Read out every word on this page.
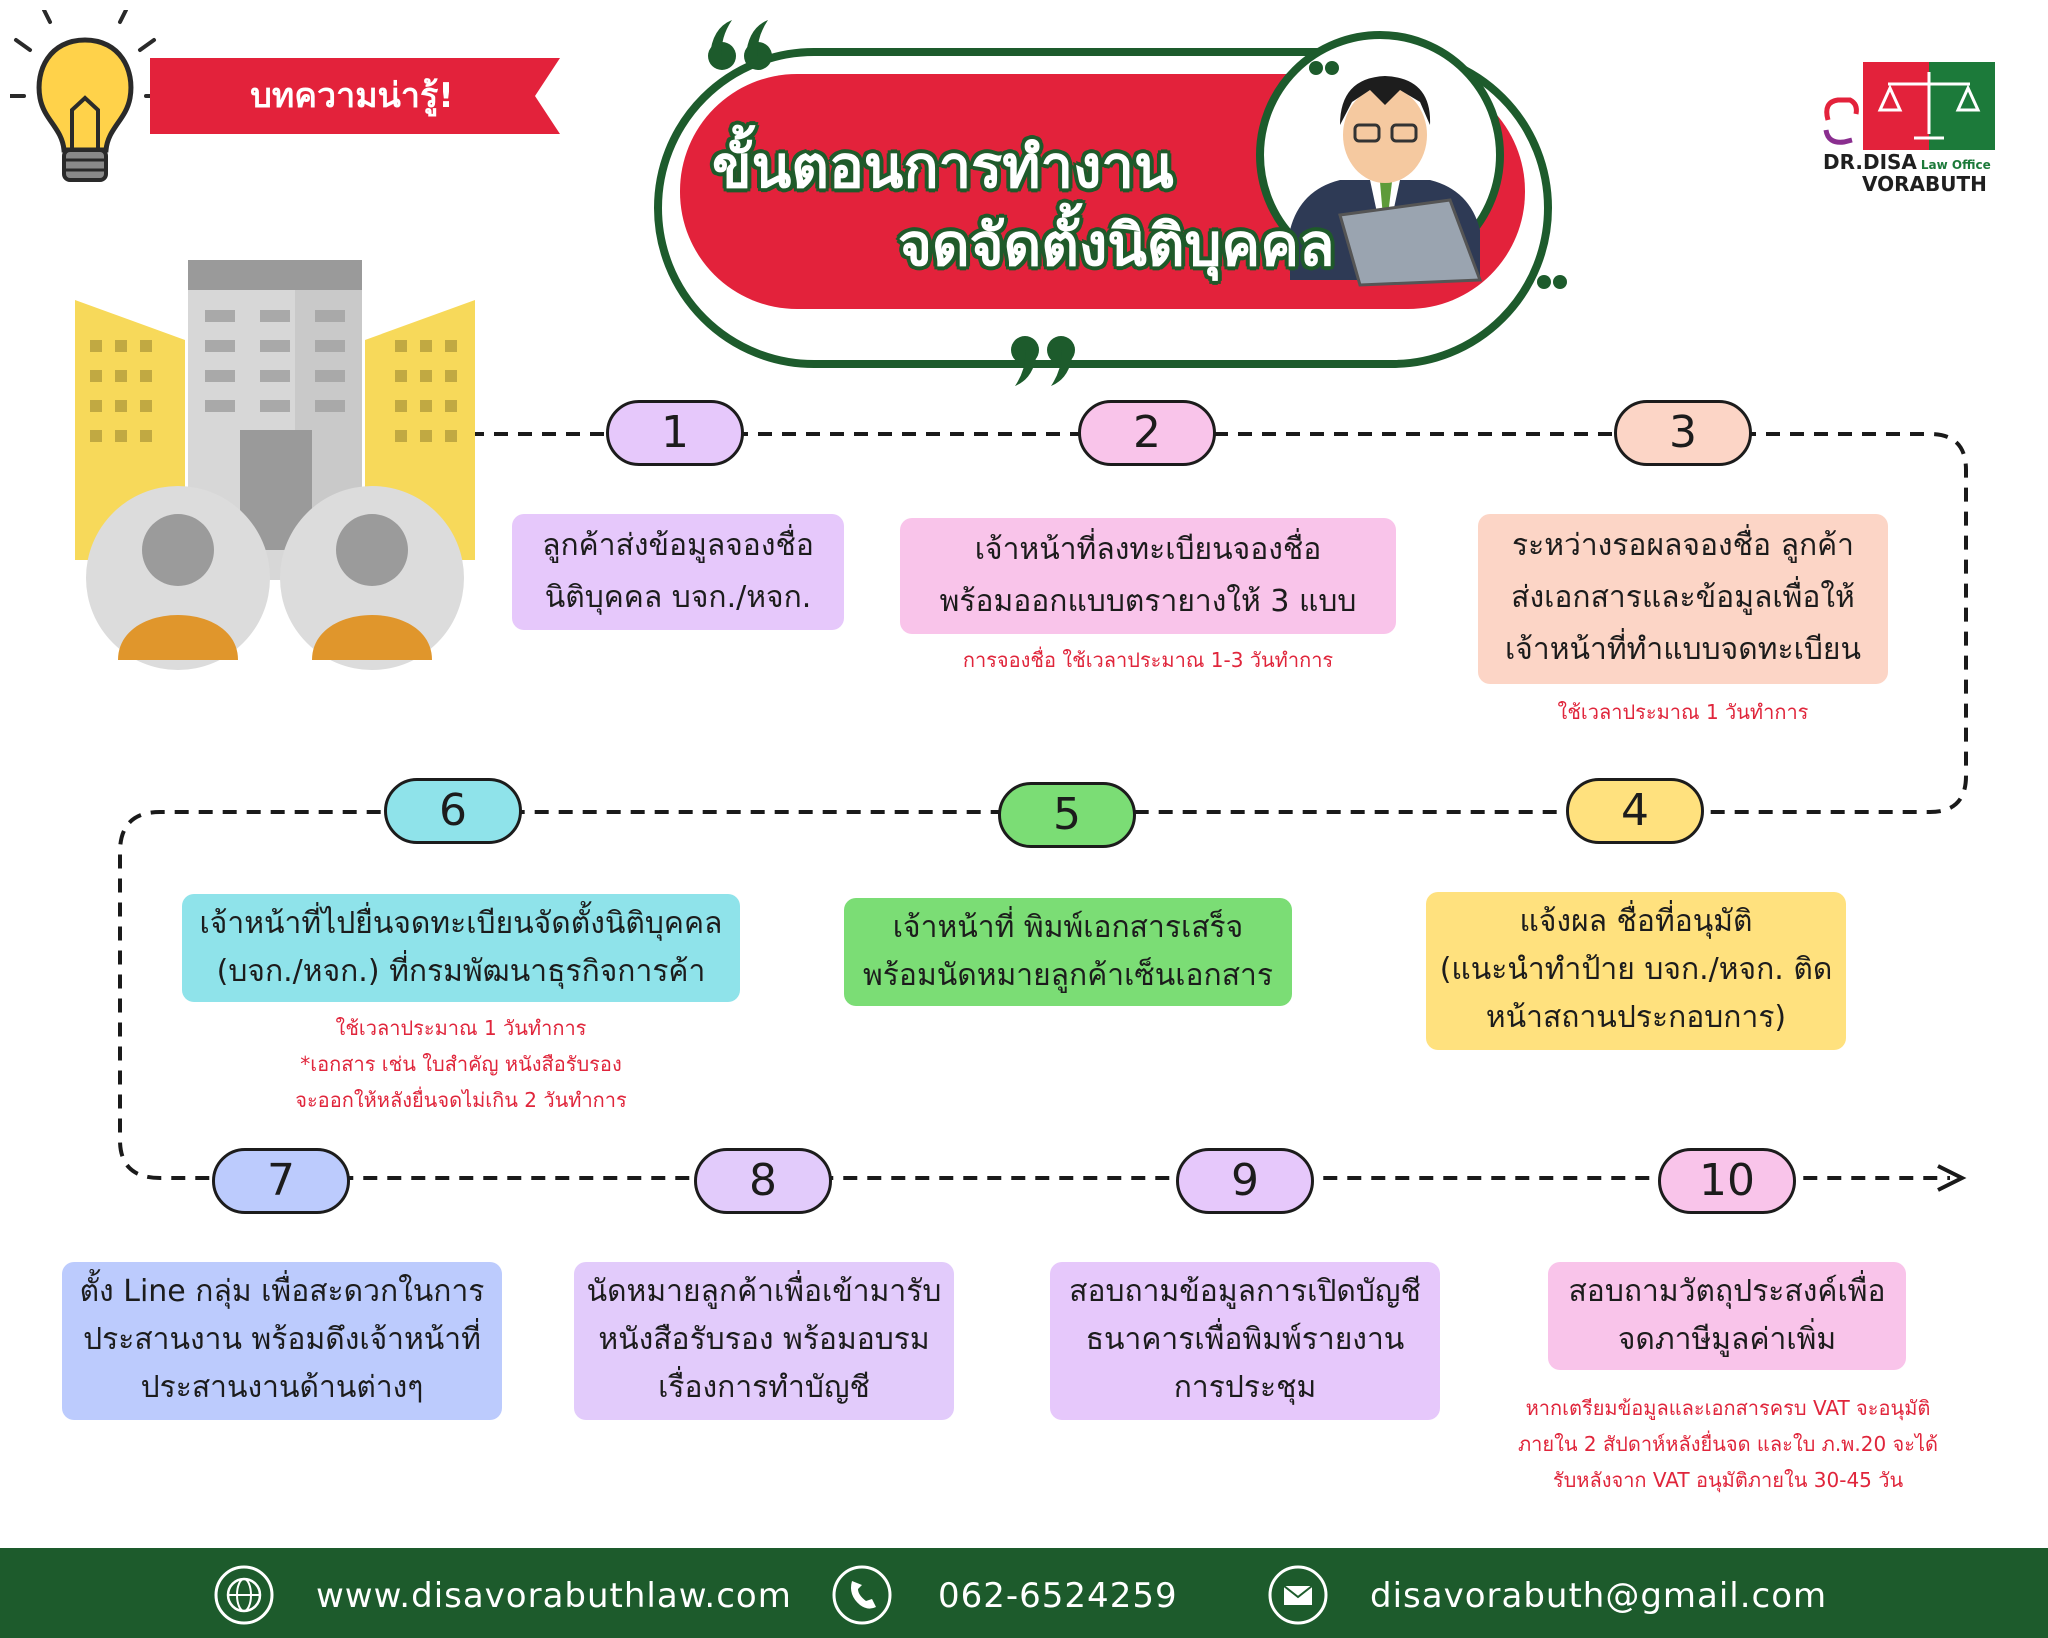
บทความน่ารู้!
ขั้นตอนการทำงาน
จดจัดตั้งนิติบุคคล
DR.DISA Law Office
VORABUTH
1	2	3
4
5
6
7	8	9	10
ลูกค้าส่งข้อมูลจองชื่อ
นิติบุคคล บจก./หจก.
เจ้าหน้าที่ลงทะเบียนจองชื่อ
พร้อมออกแบบตรายางให้ 3 แบบ
การจองชื่อ ใช้เวลาประมาณ 1-3 วันทำการ
ระหว่างรอผลจองชื่อ ลูกค้า
ส่งเอกสารและข้อมูลเพื่อให้
เจ้าหน้าที่ทำแบบจดทะเบียน
ใช้เวลาประมาณ 1 วันทำการ
แจ้งผล ชื่อที่อนุมัติ
(แนะนำทำป้าย บจก./หจก. ติด
หน้าสถานประกอบการ)
เจ้าหน้าที่ พิมพ์เอกสารเสร็จ
พร้อมนัดหมายลูกค้าเซ็นเอกสาร
เจ้าหน้าที่ไปยื่นจดทะเบียนจัดตั้งนิติบุคคล
(บจก./หจก.) ที่กรมพัฒนาธุรกิจการค้า
ใช้เวลาประมาณ 1 วันทำการ
*เอกสาร เช่น ใบสำคัญ หนังสือรับรอง
จะออกให้หลังยื่นจดไม่เกิน 2 วันทำการ
ตั้ง Line กลุ่ม เพื่อสะดวกในการ
ประสานงาน พร้อมดึงเจ้าหน้าที่
ประสานงานด้านต่างๆ
นัดหมายลูกค้าเพื่อเข้ามารับ
หนังสือรับรอง พร้อมอบรม
เรื่องการทำบัญชี
สอบถามข้อมูลการเปิดบัญชี
ธนาคารเพื่อพิมพ์รายงาน
การประชุม
สอบถามวัตถุประสงค์เพื่อ
จดภาษีมูลค่าเพิ่ม
หากเตรียมข้อมูลและเอกสารครบ VAT จะอนุมัติ
ภายใน 2 สัปดาห์หลังยื่นจด และใบ ภ.พ.20 จะได้
รับหลังจาก VAT อนุมัติภายใน 30-45 วัน
www.disavorabuthlaw.com	062-6524259	disavorabuth@gmail.com
